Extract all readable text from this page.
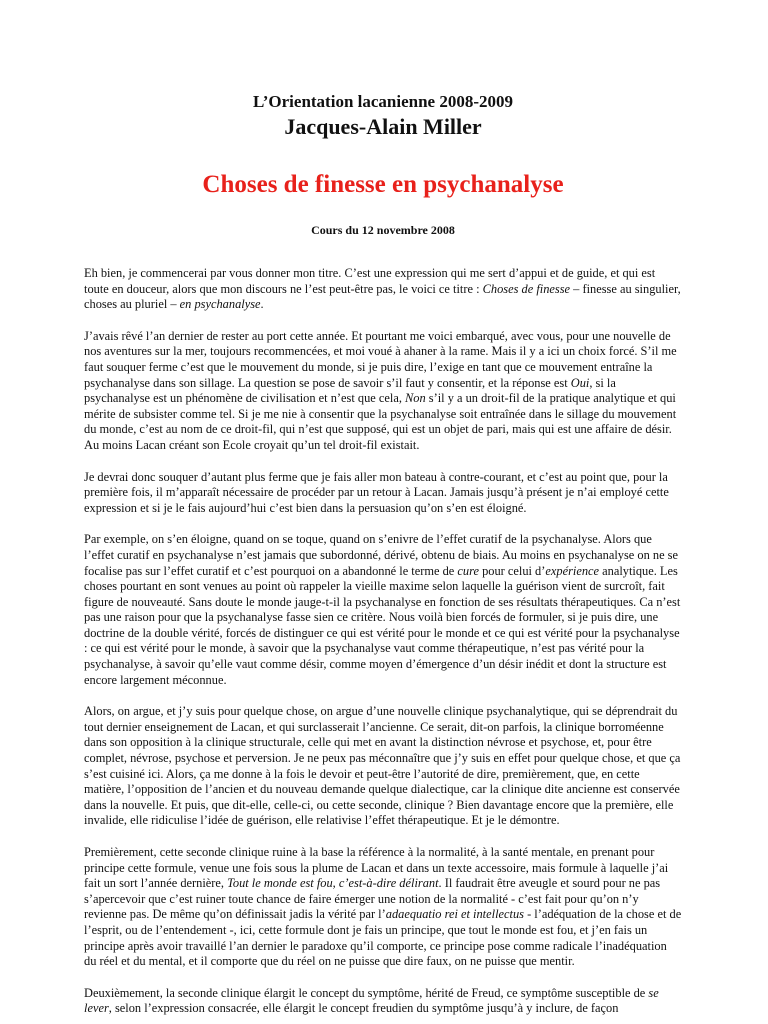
L’Orientation lacanienne 2008-2009
Jacques-Alain Miller
Choses de finesse en psychanalyse
Cours du 12 novembre 2008

Eh bien, je commencerai par vous donner mon titre. C’est une expression qui me sert d’appui et de guide, et qui est toute en douceur, alors que mon discours ne l’est peut-être pas, le voici ce titre : Choses de finesse – finesse au singulier, choses au pluriel – en psychanalyse.

J’avais rêvé l’an dernier de rester au port cette année. Et pourtant me voici embarqué, avec vous, pour une nouvelle de nos aventures sur la mer, toujours recommencées, et moi voué à ahaner à la rame. Mais il y a ici un choix forcé. S’il me faut souquer ferme c’est que le mouvement du monde, si je puis dire, l’exige en tant que ce mouvement entraîne la psychanalyse dans son sillage. La question se pose de savoir s’il faut y consentir, et la réponse est Oui, si la psychanalyse est un phénomène de civilisation et n’est que cela, Non s’il y a un droit-fil de la pratique analytique et qui mérite de subsister comme tel. Si je me nie à consentir que la psychanalyse soit entraînée dans le sillage du mouvement du monde, c’est au nom de ce droit-fil, qui n’est que supposé, qui est un objet de pari, mais qui est une affaire de désir. Au moins Lacan créant son Ecole croyait qu’un tel droit-fil existait.

Je devrai donc souquer d’autant plus ferme que je fais aller mon bateau à contre-courant, et c’est au point que, pour la première fois, il m’apparaît nécessaire de procéder par un retour à Lacan. Jamais jusqu’à présent je n’ai employé cette expression et si je le fais aujourd’hui c’est bien dans la persuasion qu’on s’en est éloigné.

Par exemple, on s’en éloigne, quand on se toque, quand on s’enivre de l’effet curatif de la psychanalyse. Alors que l’effet curatif en psychanalyse n’est jamais que subordonné, dérivé, obtenu de biais. Au moins en psychanalyse on ne se focalise pas sur l’effet curatif et c’est pourquoi on a abandonné le terme de cure pour celui d’expérience analytique. Les choses pourtant en sont venues au point où rappeler la vieille maxime selon laquelle la guérison vient de surcroît, fait figure de nouveauté. Sans doute le monde jauge-t-il la psychanalyse en fonction de ses résultats thérapeutiques. Ca n’est pas une raison pour que la psychanalyse fasse sien ce critère. Nous voilà bien forcés de formuler, si je puis dire, une doctrine de la double vérité, forcés de distinguer ce qui est vérité pour le monde et ce qui est vérité pour la psychanalyse : ce qui est vérité pour le monde, à savoir que la psychanalyse vaut comme thérapeutique, n’est pas vérité pour la psychanalyse, à savoir qu’elle vaut comme désir, comme moyen d’émergence d’un désir inédit et dont la structure est encore largement méconnue.

Alors, on argue, et j’y suis pour quelque chose, on argue d’une nouvelle clinique psychanalytique, qui se déprendrait du tout dernier enseignement de Lacan, et qui surclasserait l’ancienne. Ce serait, dit-on parfois, la clinique borroméenne dans son opposition à la clinique structurale, celle qui met en avant la distinction névrose et psychose, et, pour être complet, névrose, psychose et perversion. Je ne peux pas méconnaître que j’y suis en effet pour quelque chose, et que ça s’est cuisiné ici. Alors, ça me donne à la fois le devoir et peut-être l’autorité de dire, premièrement, que, en cette matière, l’opposition de l’ancien et du nouveau demande quelque dialectique, car la clinique dite ancienne est conservée dans la nouvelle. Et puis, que dit-elle, celle-ci, ou cette seconde, clinique ? Bien davantage encore que la première, elle invalide, elle ridiculise l’idée de guérison, elle relativise l’effet thérapeutique. Et je le démontre.

Premièrement, cette seconde clinique ruine à la base la référence à la normalité, à la santé mentale, en prenant pour principe cette formule, venue une fois sous la plume de Lacan et dans un texte accessoire, mais formule à laquelle j’ai fait un sort l’année dernière, Tout le monde est fou, c’est-à-dire délirant. Il faudrait être aveugle et sourd pour ne pas s’apercevoir que c’est ruiner toute chance de faire émerger une notion de la normalité - c’est fait pour qu’on n’y revienne pas. De même qu’on définissait jadis la vérité par l’adaequatio rei et intellectus - l’adéquation de la chose et de l’esprit, ou de l’entendement -, ici, cette formule dont je fais un principe, que tout le monde est fou, et j’en fais un principe après avoir travaillé l’an dernier le paradoxe qu’il comporte, ce principe pose comme radicale l’inadéquation du réel et du mental, et il comporte que du réel on ne puisse que dire faux, on ne puisse que mentir.

Deuxièmement, la seconde clinique élargit le concept du symptôme, hérité de Freud, ce symptôme susceptible de se lever, selon l’expression consacrée, elle élargit le concept freudien du symptôme jusqu’à y inclure, de façon
